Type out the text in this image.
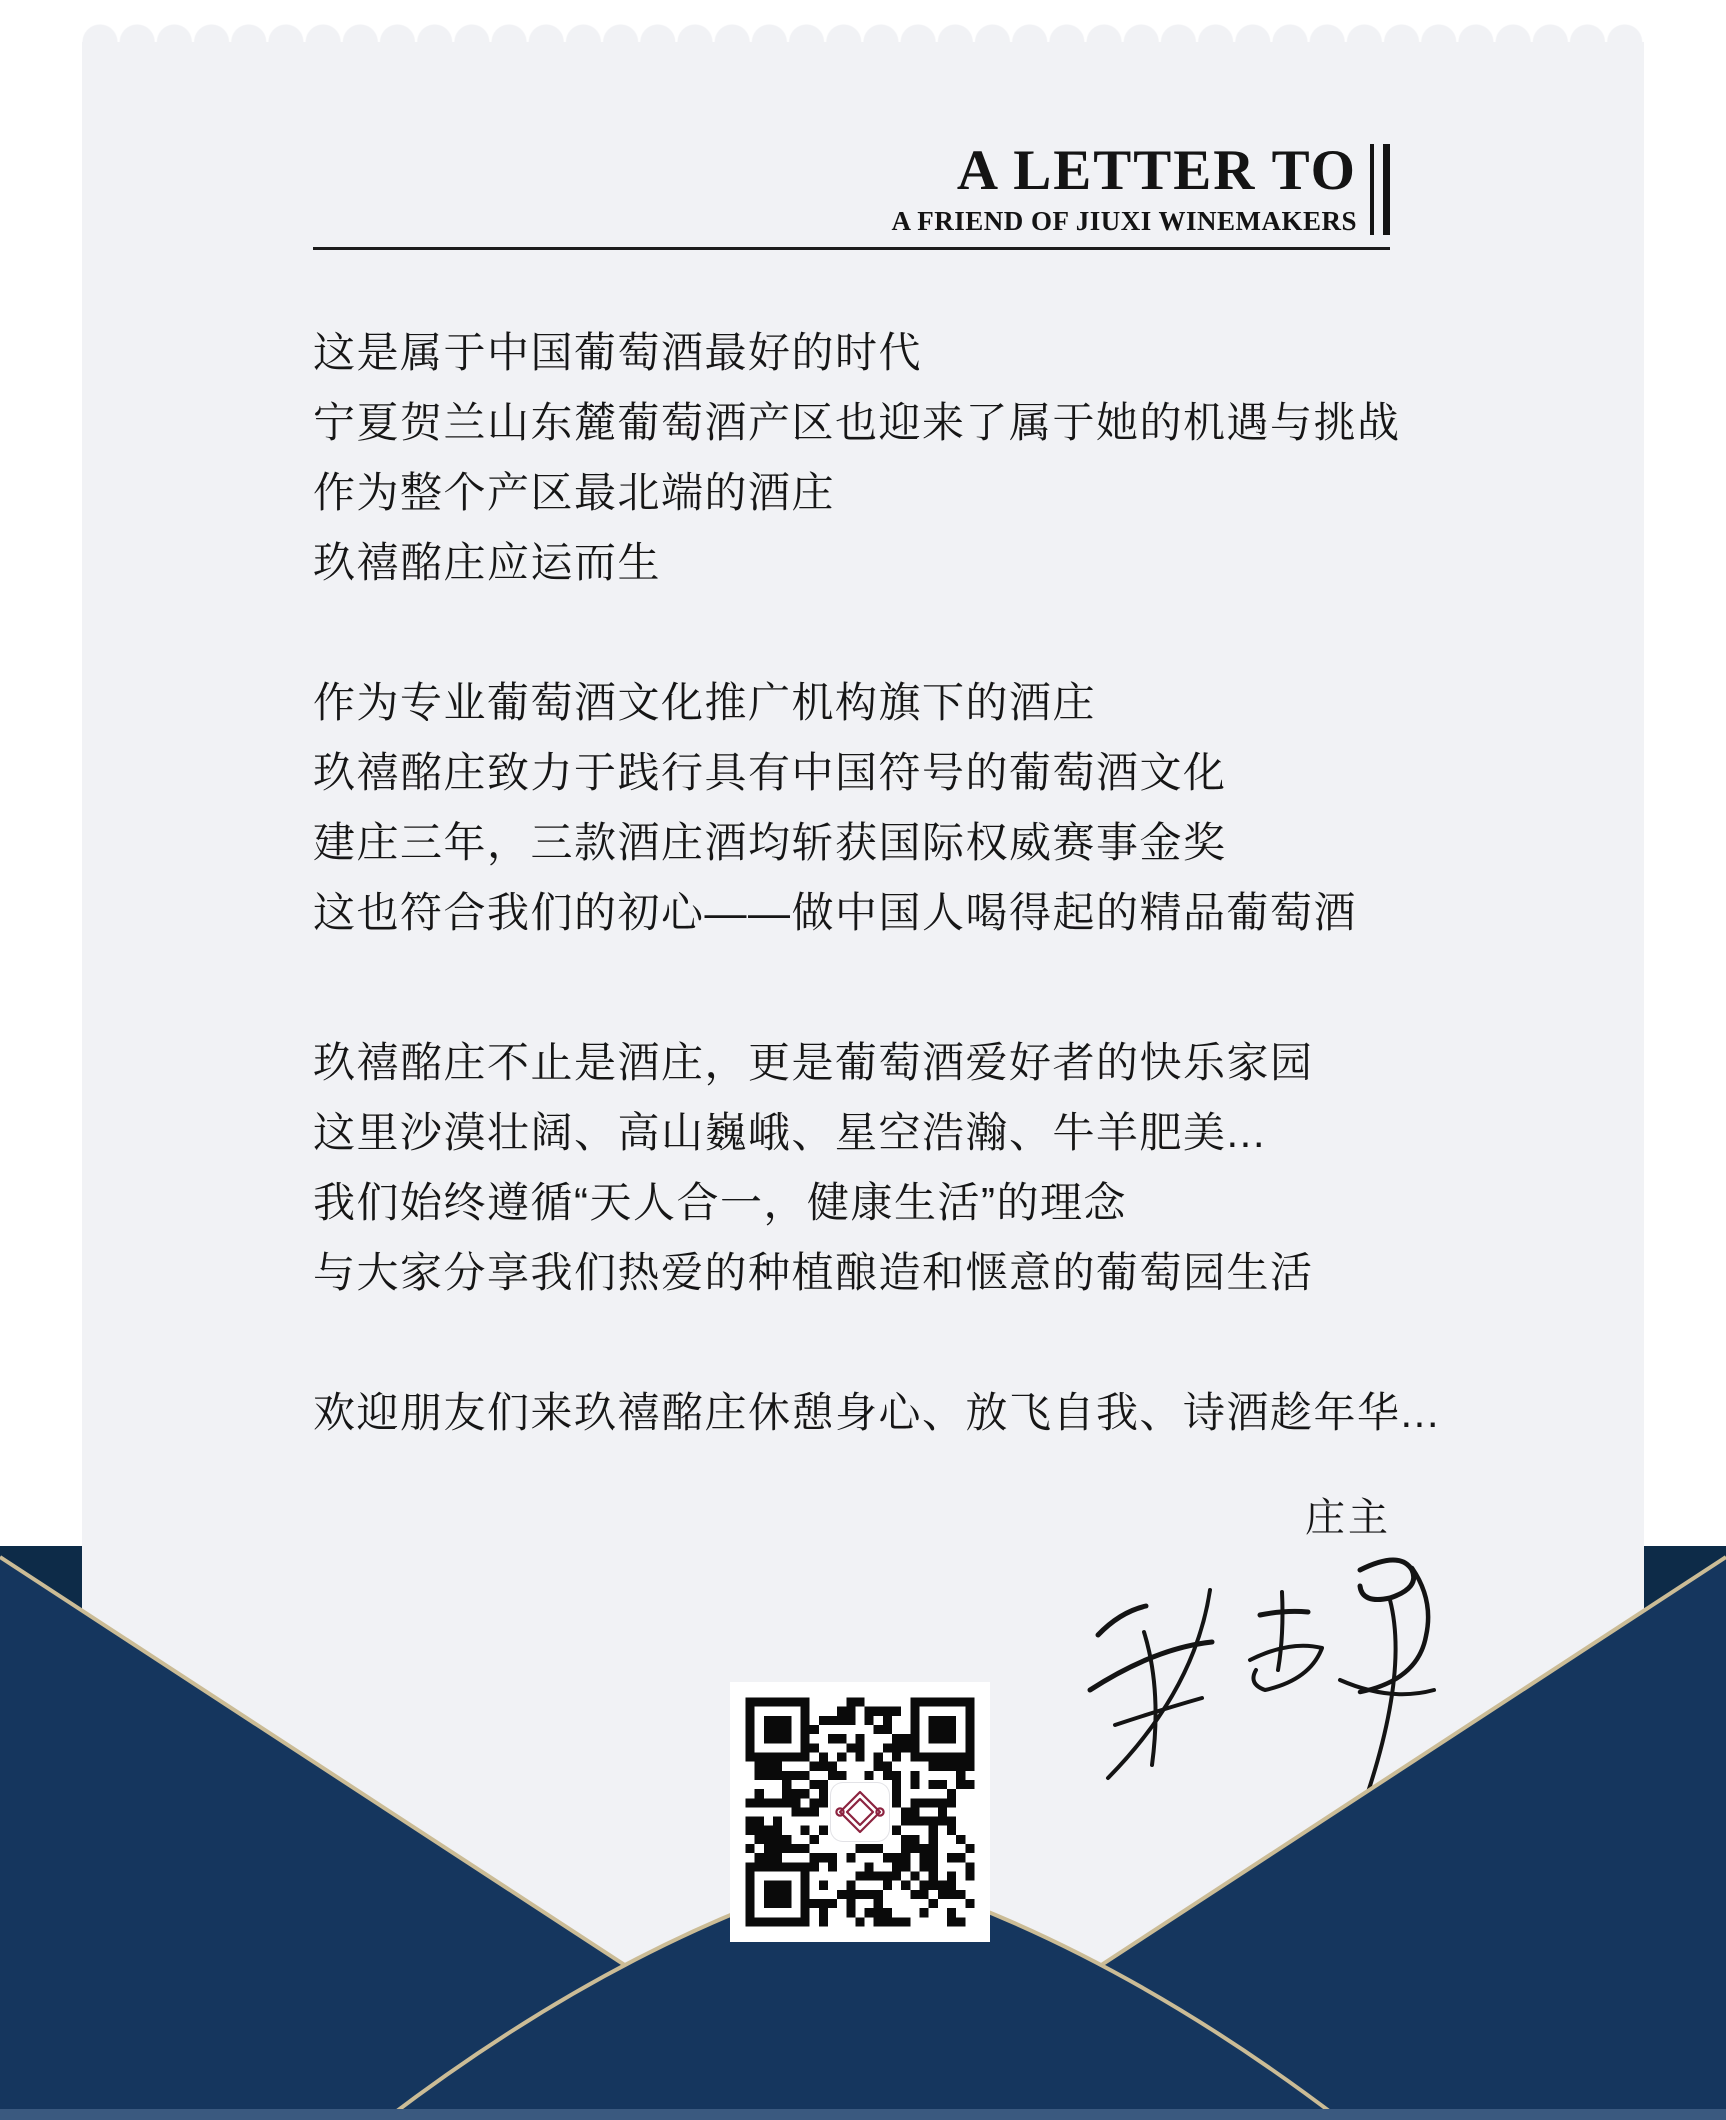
A LETTER TO
A FRIEND OF JIUXI WINEMAKERS
这是属于中国葡萄酒最好的时代
宁夏贺兰山东麓葡萄酒产区也迎来了属于她的机遇与挑战
作为整个产区最北端的酒庄
玖禧酩庄应运而生
作为专业葡萄酒文化推广机构旗下的酒庄
玖禧酩庄致力于践行具有中国符号的葡萄酒文化
建庄三年，三款酒庄酒均斩获国际权威赛事金奖
这也符合我们的初心——做中国人喝得起的精品葡萄酒
玖禧酩庄不止是酒庄，更是葡萄酒爱好者的快乐家园
这里沙漠壮阔、高山巍峨、星空浩瀚、牛羊肥美...
我们始终遵循“天人合一，健康生活”的理念
与大家分享我们热爱的种植酿造和惬意的葡萄园生活
欢迎朋友们来玖禧酩庄休憩身心、放飞自我、诗酒趁年华...
庄主
